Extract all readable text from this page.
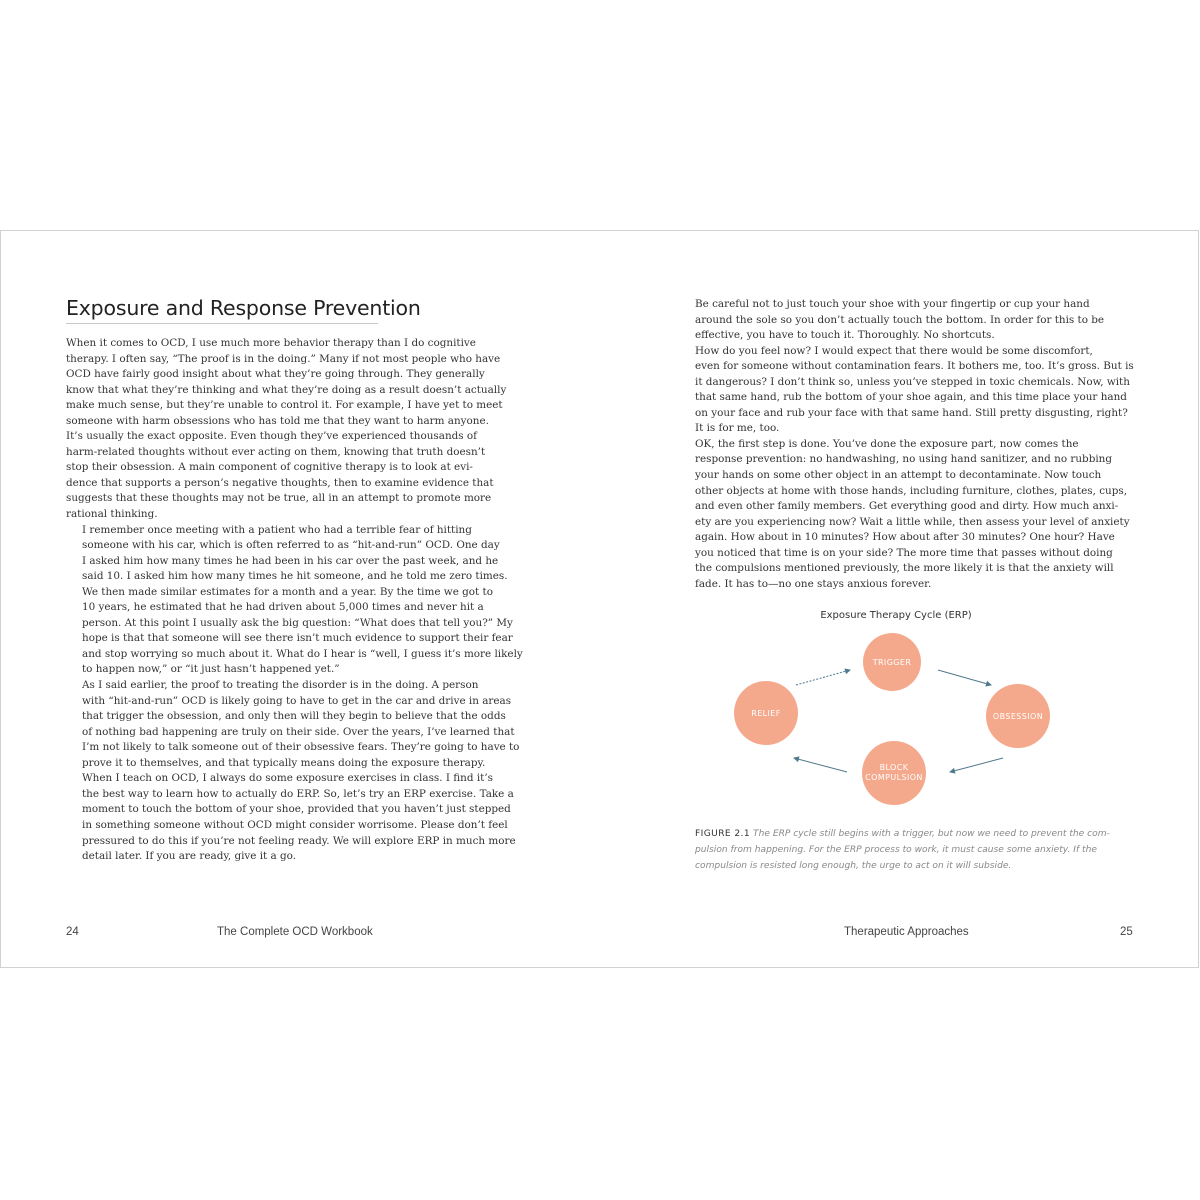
Exposure and Response Prevention

When it comes to OCD, I use much more behavior therapy than I do cognitive
therapy. I often say, “The proof is in the doing.” Many if not most people who have
OCD have fairly good insight about what they’re going through. They generally
know that what they’re thinking and what they’re doing as a result doesn’t actually
make much sense, but they’re unable to control it. For example, I have yet to meet
someone with harm obsessions who has told me that they want to harm anyone.
It’s usually the exact opposite. Even though they’ve experienced thousands of
harm-related thoughts without ever acting on them, knowing that truth doesn’t
stop their obsession. A main component of cognitive therapy is to look at evi-
dence that supports a person’s negative thoughts, then to examine evidence that
suggests that these thoughts may not be true, all in an attempt to promote more
rational thinking.

I remember once meeting with a patient who had a terrible fear of hitting
someone with his car, which is often referred to as “hit-and-run” OCD. One day
I asked him how many times he had been in his car over the past week, and he
said 10. I asked him how many times he hit someone, and he told me zero times.
We then made similar estimates for a month and a year. By the time we got to
10 years, he estimated that he had driven about 5,000 times and never hit a
person. At this point I usually ask the big question: “What does that tell you?” My
hope is that that someone will see there isn’t much evidence to support their fear
and stop worrying so much about it. What do I hear is “well, I guess it’s more likely
to happen now,” or “it just hasn’t happened yet.”

As I said earlier, the proof to treating the disorder is in the doing. A person
with “hit-and-run” OCD is likely going to have to get in the car and drive in areas
that trigger the obsession, and only then will they begin to believe that the odds
of nothing bad happening are truly on their side. Over the years, I’ve learned that
I’m not likely to talk someone out of their obsessive fears. They’re going to have to
prove it to themselves, and that typically means doing the exposure therapy.

When I teach on OCD, I always do some exposure exercises in class. I find it’s
the best way to learn how to actually do ERP. So, let’s try an ERP exercise. Take a
moment to touch the bottom of your shoe, provided that you haven’t just stepped
in something someone without OCD might consider worrisome. Please don’t feel
pressured to do this if you’re not feeling ready. We will explore ERP in much more
detail later. If you are ready, give it a go.

Be careful not to just touch your shoe with your fingertip or cup your hand
around the sole so you don’t actually touch the bottom. In order for this to be
effective, you have to touch it. Thoroughly. No shortcuts.

How do you feel now? I would expect that there would be some discomfort,
even for someone without contamination fears. It bothers me, too. It’s gross. But is
it dangerous? I don’t think so, unless you’ve stepped in toxic chemicals. Now, with
that same hand, rub the bottom of your shoe again, and this time place your hand
on your face and rub your face with that same hand. Still pretty disgusting, right?
It is for me, too.

OK, the first step is done. You’ve done the exposure part, now comes the
response prevention: no handwashing, no using hand sanitizer, and no rubbing
your hands on some other object in an attempt to decontaminate. Now touch
other objects at home with those hands, including furniture, clothes, plates, cups,
and even other family members. Get everything good and dirty. How much anxi-
ety are you experiencing now? Wait a little while, then assess your level of anxiety
again. How about in 10 minutes? How about after 30 minutes? One hour? Have
you noticed that time is on your side? The more time that passes without doing
the compulsions mentioned previously, the more likely it is that the anxiety will
fade. It has to—no one stays anxious forever.

Exposure Therapy Cycle (ERP)
TRIGGER
OBSESSION
BLOCK
COMPULSION
RELIEF
FIGURE 2.1 The ERP cycle still begins with a trigger, but now we need to prevent the com-
pulsion from happening. For the ERP process to work, it must cause some anxiety. If the
compulsion is resisted long enough, the urge to act on it will subside.
24	The Complete OCD Workbook	Therapeutic Approaches	25
